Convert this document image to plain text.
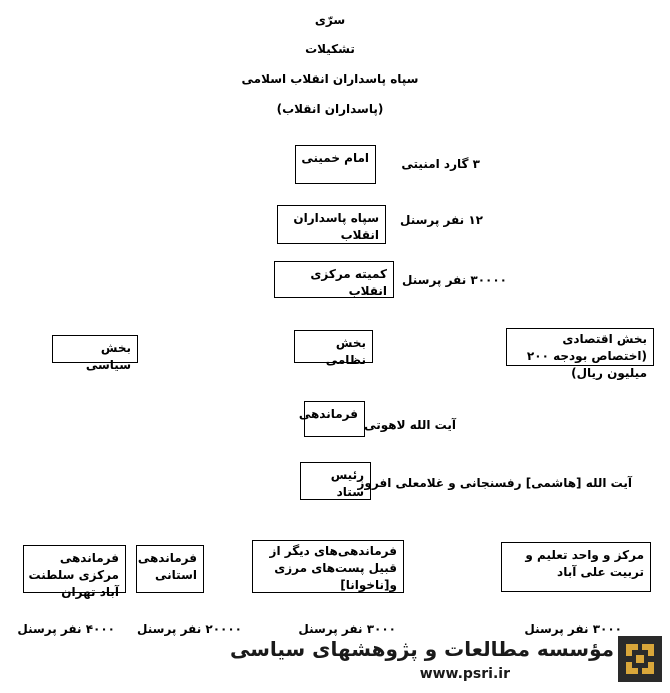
سرّی
تشکیلات
سپاه پاسداران انقلاب اسلامی
(پاسداران انقلاب)
امام خمینی	۳ گارد امنیتی
سپاه پاسداران انقلاب
۱۲ نفر پرسنل
کمیته مرکزی انقلاب
۳۰۰۰۰ نفر پرسنل
بخش سیاسی
بخش نظامی
بخش اقتصادی (اختصاص بودجه ۲۰۰ میلیون ریال)
فرماندهی
آیت الله لاهوتی
رئیس ستاد
آیت الله [هاشمی] رفسنجانی و غلامعلی افروز
فرماندهی مرکزی سلطنت آباد تهران
فرماندهی استانی
فرماندهی‌های دیگر از قبیل پست‌های مرزی و[ناخوانا]
مرکز و واحد تعلیم و تربیت علی آباد
۴۰۰۰ نفر پرسنل ۲۰۰۰۰ نفر پرسنل	۳۰۰۰ نفر پرسنل	۳۰۰۰ نفر پرسنل
مؤسسه مطالعات و پژوهشهای سیاسی
www.psri.ir
